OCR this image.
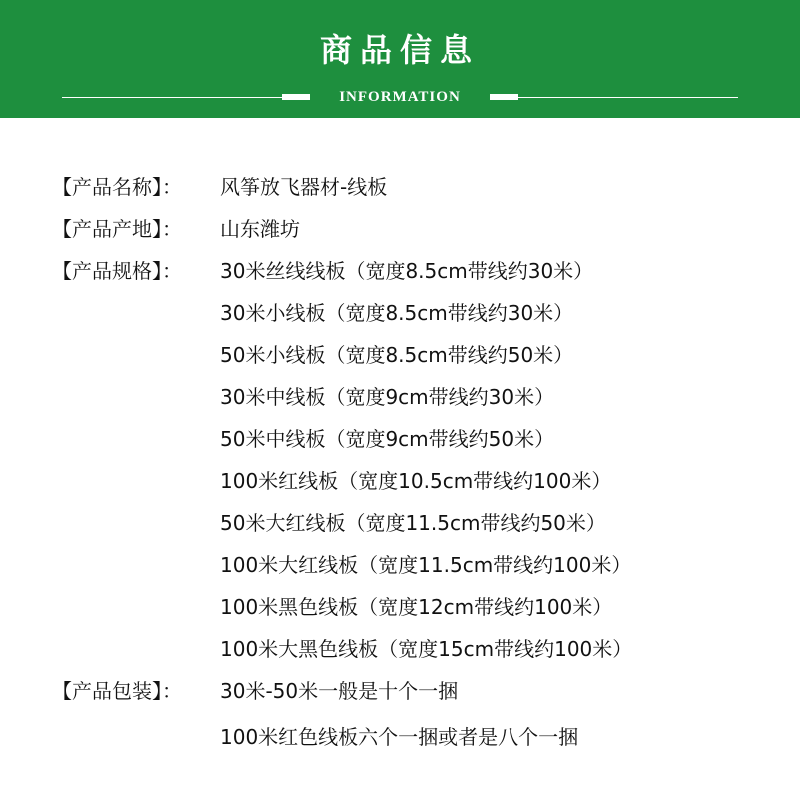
商品信息
INFORMATION
【产品名称】：	风筝放飞器材-线板
【产品产地】：	山东潍坊
【产品规格】：	30米丝线线板（宽度8.5cm带线约30米）
30米小线板（宽度8.5cm带线约30米）
50米小线板（宽度8.5cm带线约50米）
30米中线板（宽度9cm带线约30米）
50米中线板（宽度9cm带线约50米）
100米红线板（宽度10.5cm带线约100米）
50米大红线板（宽度11.5cm带线约50米）
100米大红线板（宽度11.5cm带线约100米）
100米黑色线板（宽度12cm带线约100米）
100米大黑色线板（宽度15cm带线约100米）
【产品包装】：	30米-50米一般是十个一捆
100米红色线板六个一捆或者是八个一捆
